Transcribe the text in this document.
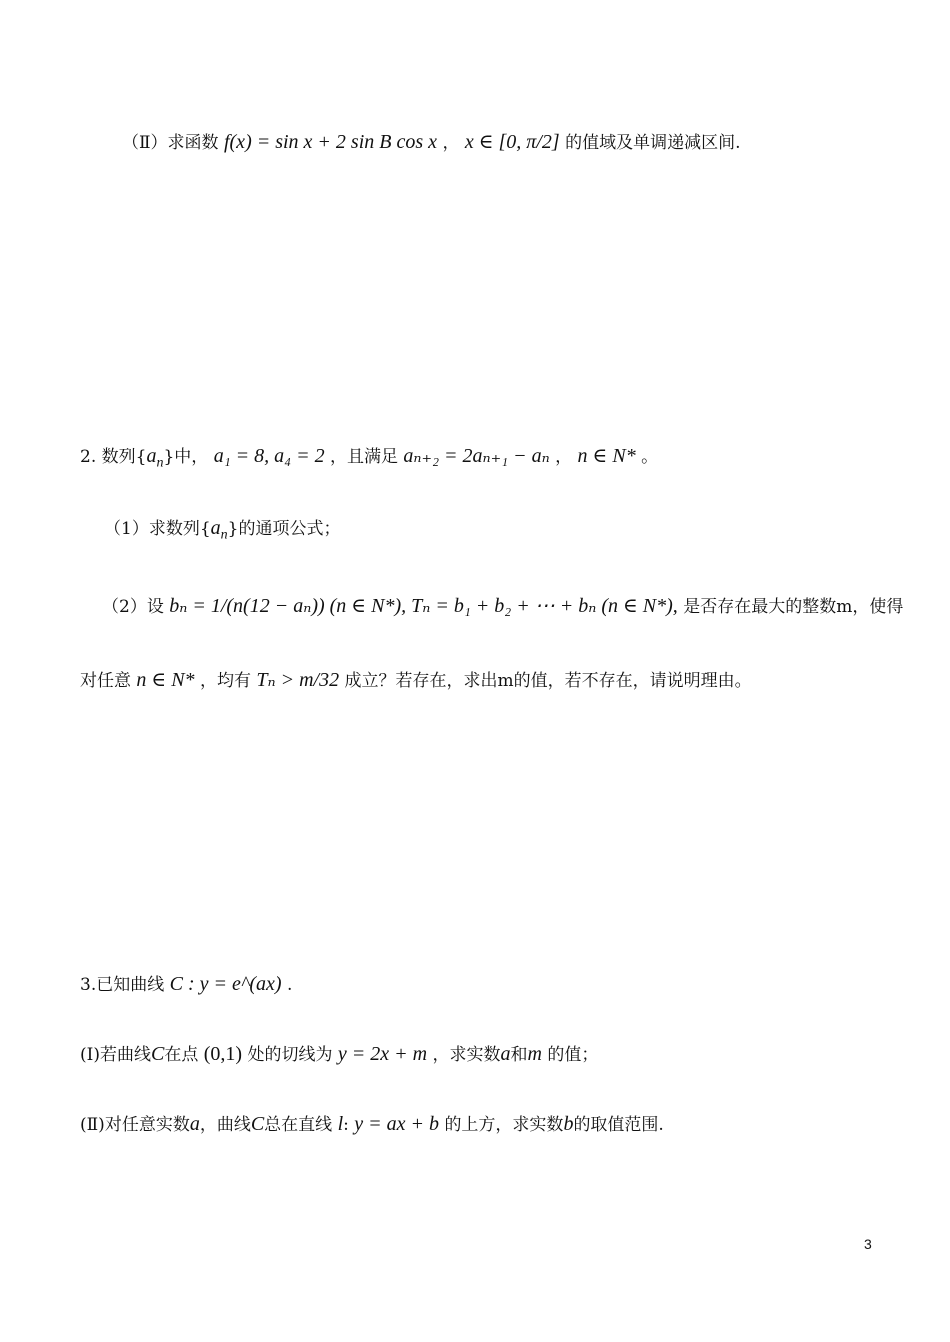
（Ⅱ）求函数 f(x) = sin x + 2 sin B cos x ， x ∈ [0, π/2] 的值域及单调递减区间.
2. 数列$\{a_n\}$中， a₁ = 8, a₄ = 2 ，且满足 aₙ₊₂ = 2aₙ₊₁ − aₙ ， n ∈ N* 。
（1）求数列$\{a_n\}$的通项公式；
（2）设 bₙ = 1/(n(12 − aₙ)) (n ∈ N*), Tₙ = b₁ + b₂ + ⋯ + bₙ (n ∈ N*), 是否存在最大的整数m，使得
对任意 n ∈ N* ，均有 Tₙ > m/32 成立？若存在，求出m的值，若不存在，请说明理由。
3.已知曲线 C : y = e^(ax) .
(Ⅰ)若曲线C在点 (0,1) 处的切线为 y = 2x + m ，求实数a和m 的值；
(Ⅱ)对任意实数a，曲线C总在直线 l: y = ax + b 的上方，求实数b的取值范围.
3
